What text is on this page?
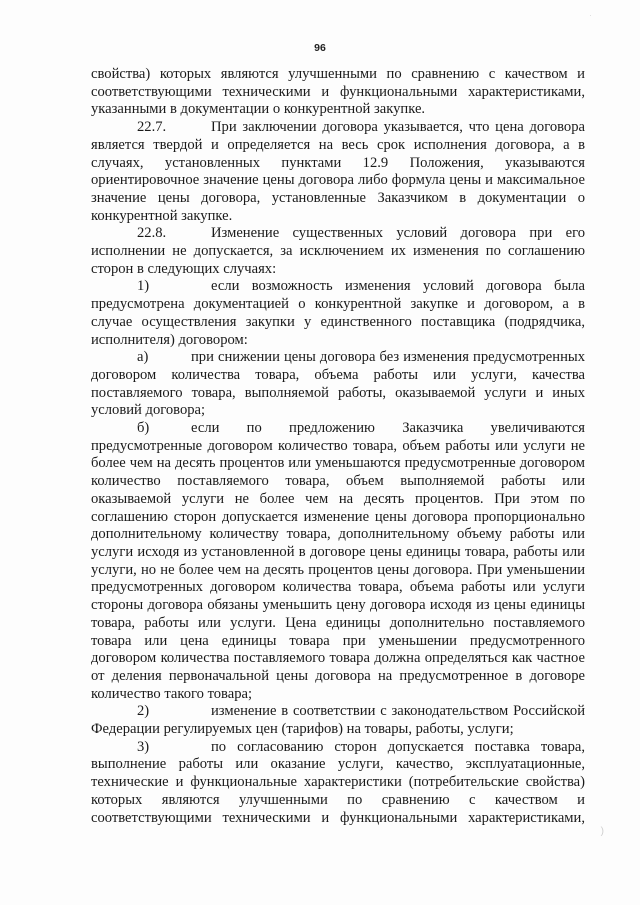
·
96

свойства) которых являются улучшенными по сравнению с качеством и соответствующими техническими и функциональными характеристиками, указанными в документации о конкурентной закупке.

22.7.	При заключении договора указывается, что цена договора является твердой и определяется на весь срок исполнения договора, а в случаях, установленных пунктами 12.9 Положения, указываются ориентировочное значение цены договора либо формула цены и максимальное значение цены договора, установленные Заказчиком в документации о конкурентной закупке.

22.8.	Изменение существенных условий договора при его исполнении не допускается, за исключением их изменения по соглашению сторон в следующих случаях:

1)	если возможность изменения условий договора была предусмотрена документацией о конкурентной закупке и договором, а в случае осуществления закупки у единственного поставщика (подрядчика, исполнителя) договором:

а)	при снижении цены договора без изменения предусмотренных договором количества товара, объема работы или услуги, качества поставляемого товара, выполняемой работы, оказываемой услуги и иных условий договора;

б)	если по предложению Заказчика увеличиваются предусмотренные договором количество товара, объем работы или услуги не более чем на десять процентов или уменьшаются предусмотренные договором количество поставляемого товара, объем выполняемой работы или оказываемой услуги не более чем на десять процентов. При этом по соглашению сторон допускается изменение цены договора пропорционально дополнительному количеству товара, дополнительному объему работы или услуги исходя из установленной в договоре цены единицы товара, работы или услуги, но не более чем на десять процентов цены договора. При уменьшении предусмотренных договором количества товара, объема работы или услуги стороны договора обязаны уменьшить цену договора исходя из цены единицы товара, работы или услуги. Цена единицы дополнительно поставляемого товара или цена единицы товара при уменьшении предусмотренного договором количества поставляемого товара должна определяться как частное от деления первоначальной цены договора на предусмотренное в договоре количество такого товара;

2)	изменение в соответствии с законодательством Российской Федерации регулируемых цен (тарифов) на товары, работы, услуги;

3)	по согласованию сторон допускается поставка товара, выполнение работы или оказание услуги, качество, эксплуатационные, технические и функциональные характеристики (потребительские свойства) которых являются улучшенными по сравнению с качеством и соответствующими техническими и функциональными характеристиками,

)
